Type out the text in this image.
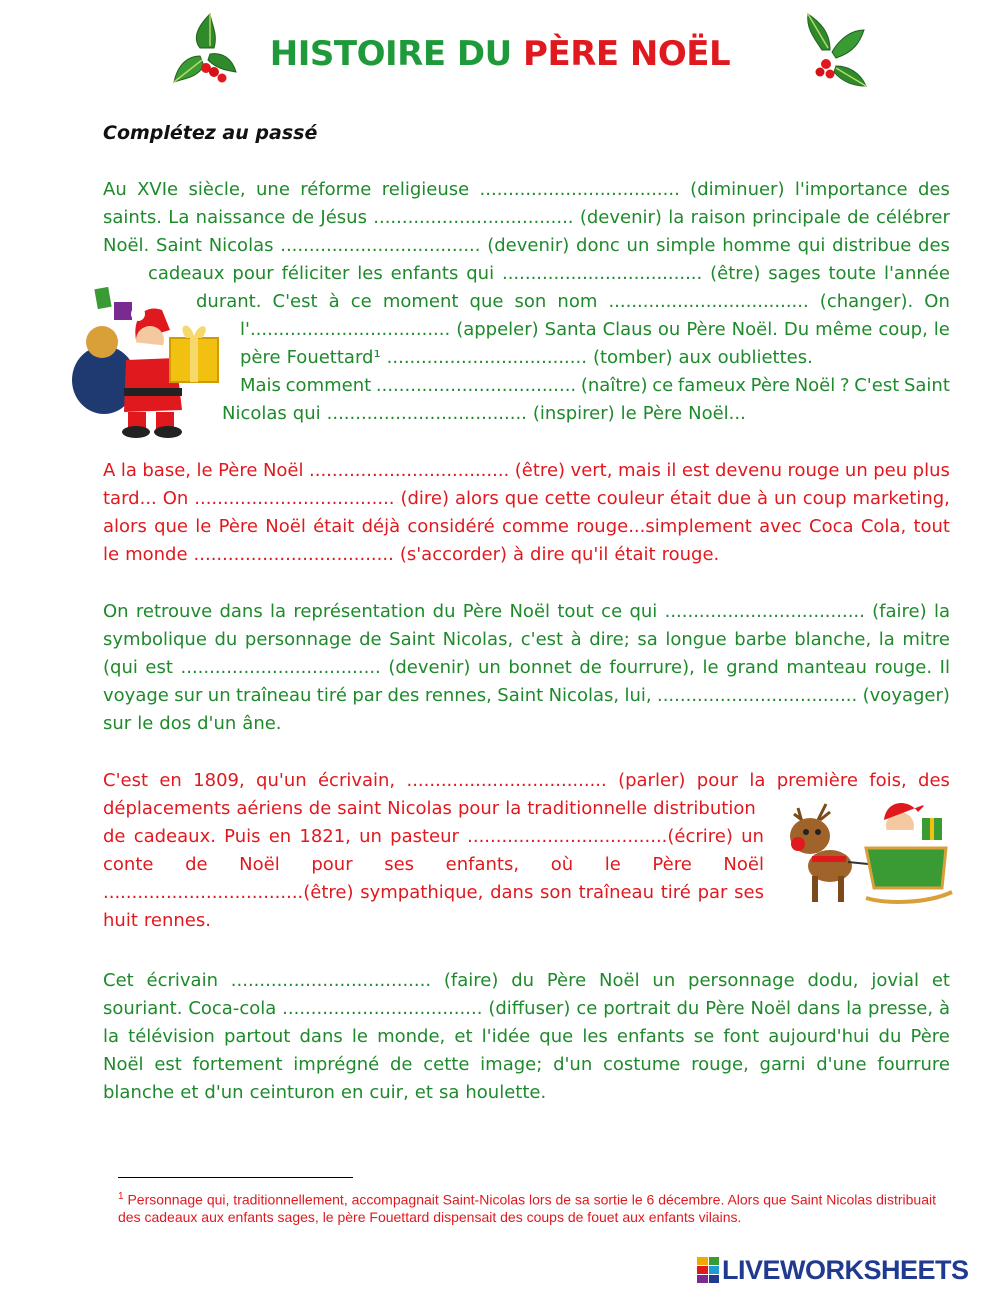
HISTOIRE DU PÈRE NOËL
Complétez au passé
Au XVIe siècle, une réforme religieuse ................................... (diminuer) l'importance des
saints. La naissance de Jésus ................................... (devenir) la raison principale de célébrer
Noël. Saint Nicolas ................................... (devenir) donc un simple homme qui distribue des
cadeaux pour féliciter les enfants qui ................................... (être) sages toute l'année
durant. C'est à ce moment que son nom ................................... (changer). On
l'................................... (appeler) Santa Claus ou Père Noël. Du même coup, le
père Fouettard¹ ................................... (tomber) aux oubliettes.
Mais comment ................................... (naître) ce fameux Père Noël ? C'est Saint
Nicolas qui ................................... (inspirer) le Père Noël...
A la base, le Père Noël ................................... (être) vert, mais il est devenu rouge un peu plus
tard... On ................................... (dire) alors que cette couleur était due à un coup marketing,
alors que le Père Noël était déjà considéré comme rouge...simplement avec Coca Cola, tout
le monde ................................... (s'accorder) à dire qu'il était rouge.
On retrouve dans la représentation du Père Noël tout ce qui ................................... (faire) la
symbolique du personnage de Saint Nicolas, c'est à dire; sa longue barbe blanche, la mitre
(qui est ................................... (devenir) un bonnet de fourrure), le grand manteau rouge. Il
voyage sur un traîneau tiré par des rennes, Saint Nicolas, lui, ................................... (voyager)
sur le dos d'un âne.
C'est en 1809, qu'un écrivain, ................................... (parler) pour la première fois, des
déplacements aériens de saint Nicolas pour la traditionnelle distribution
de cadeaux. Puis en 1821, un pasteur ...................................(écrire) un
conte de Noël pour ses enfants, où le Père Noël
...................................(être) sympathique, dans son traîneau tiré par ses
huit rennes.
Cet écrivain ................................... (faire) du Père Noël un personnage dodu, jovial et
souriant. Coca-cola ................................... (diffuser) ce portrait du Père Noël dans la presse, à
la télévision partout dans le monde, et l'idée que les enfants se font aujourd'hui du Père
Noël est fortement imprégné de cette image; d'un costume rouge, garni d'une fourrure
blanche et d'un ceinturon en cuir, et sa houlette.
$^1$ Personnage qui, traditionnellement, accompagnait Saint-Nicolas lors de sa sortie le 6 décembre. Alors que Saint Nicolas distribuait des cadeaux aux enfants sages, le père Fouettard dispensait des coups de fouet aux enfants vilains.
LIVEWORKSHEETS
